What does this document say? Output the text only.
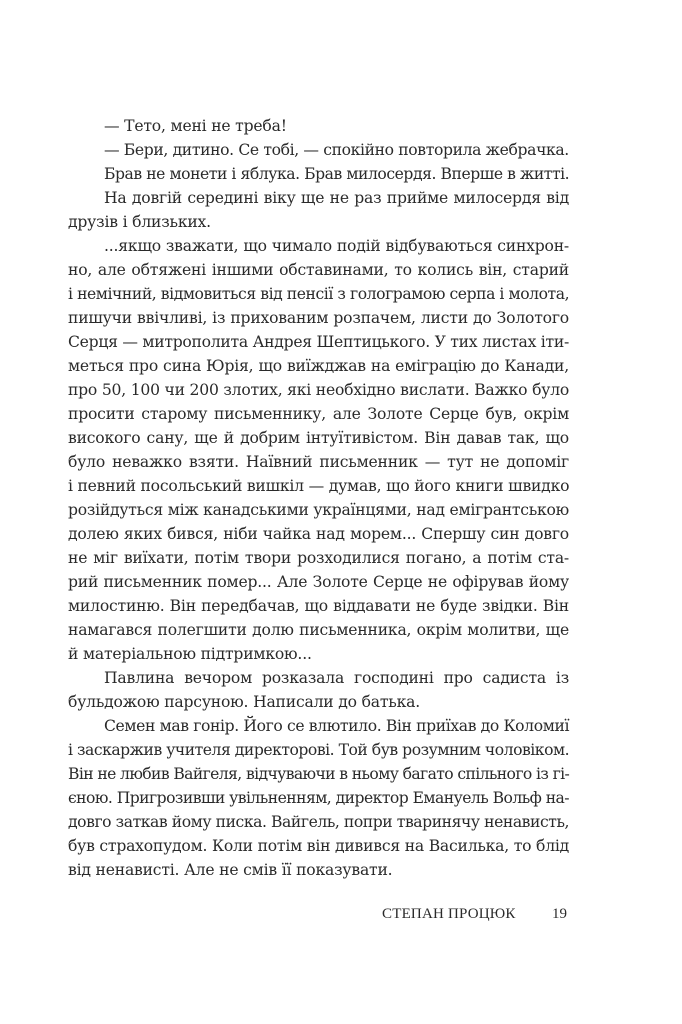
— Тето, мені не треба!
— Бери, дитино. Се тобі, — спокійно повторила жебрачка.
Брав не монети і яблука. Брав милосердя. Вперше в житті.
На довгій середині віку ще не раз прийме милосердя від
друзів і близьких.
...якщо зважати, що чимало подій відбуваються синхрон-
но, але обтяжені іншими обставинами, то колись він, старий
і немічний, відмовиться від пенсії з голограмою серпа і молота,
пишучи ввічливі, із прихованим розпачем, листи до Золотого
Серця — митрополита Андрея Шептицького. У тих листах іти-
меться про сина Юрія, що виїжджав на еміграцію до Канади,
про 50, 100 чи 200 злотих, які необхідно вислати. Важко було
просити старому письменнику, але Золоте Серце був, окрім
високого сану, ще й добрим інтуїтивістом. Він давав так, що
було неважко взяти. Наївний письменник — тут не допоміг
і певний посольський вишкіл — думав, що його книги швидко
розійдуться між канадськими українцями, над емігрантською
долею яких бився, ніби чайка над морем... Спершу син довго
не міг виїхати, потім твори розходилися погано, а потім ста-
рий письменник помер... Але Золоте Серце не офірував йому
милостиню. Він передбачав, що віддавати не буде звідки. Він
намагався полегшити долю письменника, окрім молитви, ще
й матеріальною підтримкою...
Павлина вечором розказала господині про садиста із
бульдожою парсуною. Написали до батька.
Семен мав гонір. Його се влютило. Він приїхав до Коломиї
і заскаржив учителя директорові. Той був розумним чоловіком.
Він не любив Вайгеля, відчуваючи в ньому багато спільного із гі-
єною. Пригрозивши увільненням, директор Емануель Вольф на-
довго заткав йому писка. Вайгель, попри тваринячу ненависть,
був страхопудом. Коли потім він дивився на Василька, то блід
від ненависті. Але не смів її показувати.
СТЕПАН ПРОЦЮК 19
